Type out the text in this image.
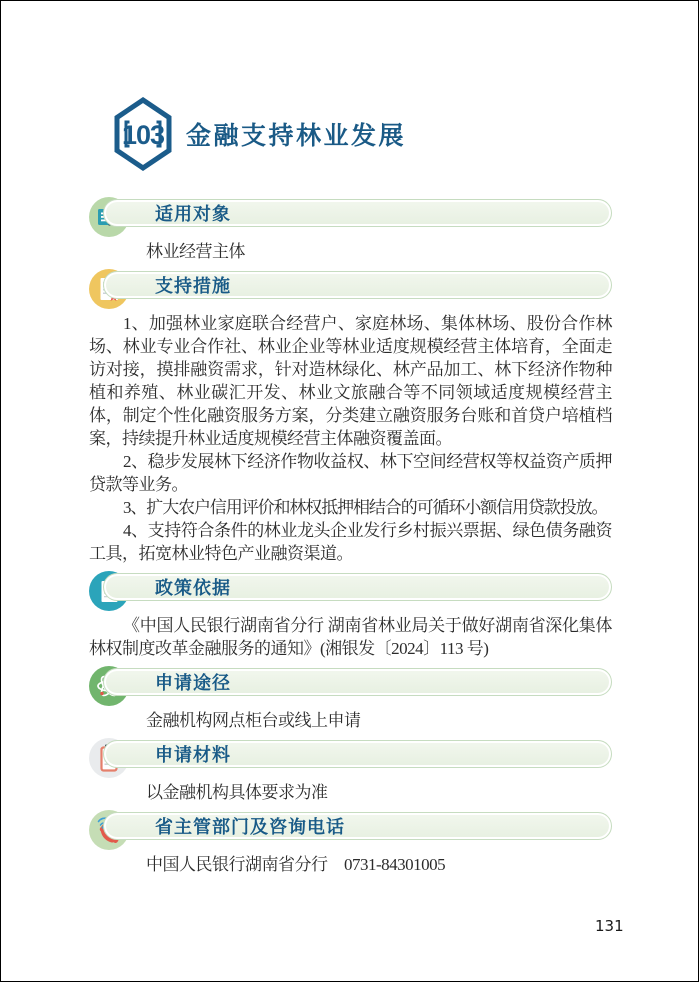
103 金融支持林业发展
适用对象

林业经营主体

支持措施

1、加强林业家庭联合经营户、家庭林场、集体林场、股份合作林场、林业专业合作社、林业企业等林业适度规模经营主体培育，全面走访对接，摸排融资需求，针对造林绿化、林产品加工、林下经济作物种植和养殖、林业碳汇开发、林业文旅融合等不同领域适度规模经营主体，制定个性化融资服务方案，分类建立融资服务台账和首贷户培植档案，持续提升林业适度规模经营主体融资覆盖面。

2、稳步发展林下经济作物收益权、林下空间经营权等权益资产质押贷款等业务。

3、扩大农户信用评价和林权抵押相结合的可循环小额信用贷款投放。

4、支持符合条件的林业龙头企业发行乡村振兴票据、绿色债务融资工具，拓宽林业特色产业融资渠道。

政策依据

《中国人民银行湖南省分行 湖南省林业局关于做好湖南省深化集体林权制度改革金融服务的通知》(湘银发〔2024〕113 号)

申请途径

金融机构网点柜台或线上申请

申请材料

以金融机构具体要求为准

省主管部门及咨询电话

中国人民银行湖南省分行　0731-84301005

131
